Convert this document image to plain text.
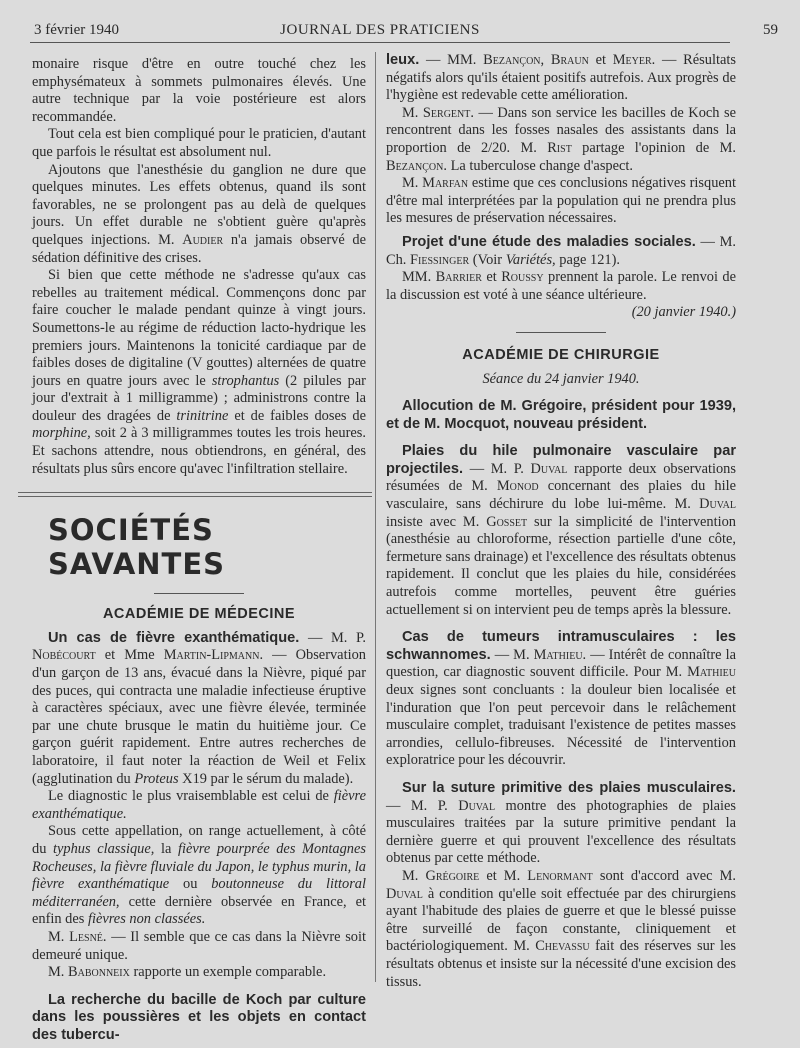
3 février 1940	JOURNAL DES PRATICIENS	59

monaire risque d'être en outre touché chez les emphysémateux à sommets pulmonaires élevés. Une autre technique par la voie postérieure est alors recommandée.

Tout cela est bien compliqué pour le praticien, d'autant que parfois le résultat est absolument nul.

Ajoutons que l'anesthésie du ganglion ne dure que quelques minutes. Les effets obtenus, quand ils sont favorables, ne se prolongent pas au delà de quelques jours. Un effet durable ne s'obtient guère qu'après quelques injections. M. Audier n'a jamais observé de sédation définitive des crises.

Si bien que cette méthode ne s'adresse qu'aux cas rebelles au traitement médical. Commençons donc par faire coucher le malade pendant quinze à vingt jours. Soumettons-le au régime de réduction lacto-hydrique les premiers jours. Maintenons la tonicité cardiaque par de faibles doses de digitaline (V gouttes) alternées de quatre jours en quatre jours avec le strophantus (2 pilules par jour d'extrait à 1 milligramme) ; administrons contre la douleur des dragées de trinitrine et de faibles doses de morphine, soit 2 à 3 milligrammes toutes les trois heures. Et sachons attendre, nous obtiendrons, en général, des résultats plus sûrs encore qu'avec l'infiltration stellaire.

SOCIÉTÉS SAVANTES
ACADÉMIE DE MÉDECINE

Un cas de fièvre exanthématique. — M. P. Nobécourt et Mme Martin-Lipmann. — Observation d'un garçon de 13 ans, évacué dans la Nièvre, piqué par des puces, qui contracta une maladie infectieuse éruptive à caractères spéciaux, avec une fièvre élevée, terminée par une chute brusque le matin du huitième jour. Ce garçon guérit rapidement. Entre autres recherches de laboratoire, il faut noter la réaction de Weil et Felix (agglutination du Proteus X19 par le sérum du malade).

Le diagnostic le plus vraisemblable est celui de fièvre exanthématique.

Sous cette appellation, on range actuellement, à côté du typhus classique, la fièvre pourprée des Montagnes Rocheuses, la fièvre fluviale du Japon, le typhus murin, la fièvre exanthématique ou boutonneuse du littoral méditerranéen, cette dernière observée en France, et enfin des fièvres non classées.

M. Lesné. — Il semble que ce cas dans la Nièvre soit demeuré unique.

M. Babonneix rapporte un exemple comparable.

La recherche du bacille de Koch par culture dans les poussières et les objets en contact des tubercu-

leux. — MM. Bezançon, Braun et Meyer. — Résultats négatifs alors qu'ils étaient positifs autrefois. Aux progrès de l'hygiène est redevable cette amélioration.

M. Sergent. — Dans son service les bacilles de Koch se rencontrent dans les fosses nasales des assistants dans la proportion de 2/20. M. Rist partage l'opinion de M. Bezançon. La tuberculose change d'aspect.

M. Marfan estime que ces conclusions négatives risquent d'être mal interprétées par la population qui ne prendra plus les mesures de préservation nécessaires.

Projet d'une étude des maladies sociales. — M. Ch. Fiessinger (Voir Variétés, page 121).

MM. Barrier et Roussy prennent la parole. Le renvoi de la discussion est voté à une séance ultérieure.

(20 janvier 1940.)

ACADÉMIE DE CHIRURGIE
Séance du 24 janvier 1940.

Allocution de M. Grégoire, président pour 1939, et de M. Mocquot, nouveau président.

Plaies du hile pulmonaire vasculaire par projectiles. — M. P. Duval rapporte deux observations résumées de M. Monod concernant des plaies du hile vasculaire, sans déchirure du lobe lui-même. M. Duval insiste avec M. Gosset sur la simplicité de l'intervention (anesthésie au chloroforme, résection partielle d'une côte, fermeture sans drainage) et l'excellence des résultats obtenus rapidement. Il conclut que les plaies du hile, considérées autrefois comme mortelles, peuvent être guéries actuellement si on intervient peu de temps après la blessure.

Cas de tumeurs intramusculaires : les schwannomes. — M. Mathieu. — Intérêt de connaître la question, car diagnostic souvent difficile. Pour M. Mathieu deux signes sont concluants : la douleur bien localisée et l'induration que l'on peut percevoir dans le relâchement musculaire complet, traduisant l'existence de petites masses arrondies, cellulo-fibreuses. Nécessité de l'intervention exploratrice pour les découvrir.

Sur la suture primitive des plaies musculaires. — M. P. Duval montre des photographies de plaies musculaires traitées par la suture primitive pendant la dernière guerre et qui prouvent l'excellence des résultats obtenus par cette méthode.

M. Grégoire et M. Lenormant sont d'accord avec M. Duval à condition qu'elle soit effectuée par des chirurgiens ayant l'habitude des plaies de guerre et que le blessé puisse être surveillé de façon constante, cliniquement et bactériologiquement. M. Chevassu fait des réserves sur les résultats obtenus et insiste sur la nécessité d'une excision des tissus.
